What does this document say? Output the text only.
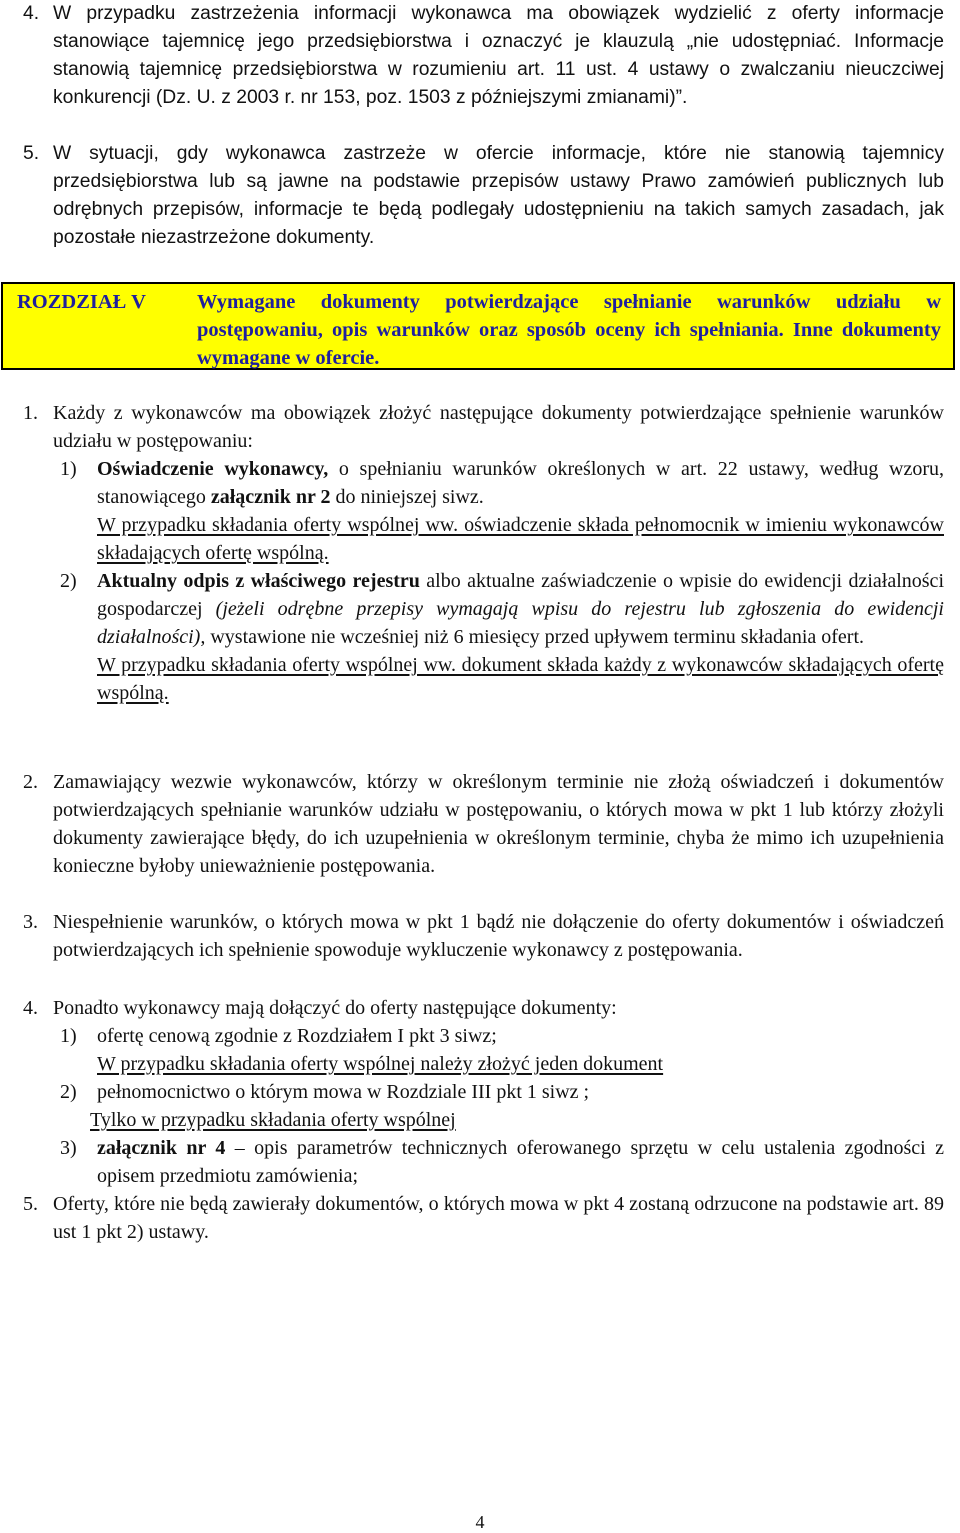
4. W przypadku zastrzeżenia informacji wykonawca ma obowiązek wydzielić z oferty informacje stanowiące tajemnicę jego przedsiębiorstwa i oznaczyć je klauzulą „nie udostępniać. Informacje stanowią tajemnicę przedsiębiorstwa w rozumieniu art. 11 ust. 4 ustawy o zwalczaniu nieuczciwej konkurencji (Dz. U. z 2003 r. nr 153, poz. 1503 z późniejszymi zmianami)”.
5. W sytuacji, gdy wykonawca zastrzeże w ofercie informacje, które nie stanowią tajemnicy przedsiębiorstwa lub są jawne na podstawie przepisów ustawy Prawo zamówień publicznych lub odrębnych przepisów, informacje te będą podlegały udostępnieniu na takich samych zasadach, jak pozostałe niezastrzeżone dokumenty.
ROZDZIAŁ V Wymagane dokumenty potwierdzające spełnianie warunków udziału w postępowaniu, opis warunków oraz sposób oceny ich spełniania. Inne dokumenty wymagane w ofercie.
1. Każdy z wykonawców ma obowiązek złożyć następujące dokumenty potwierdzające spełnienie warunków udziału w postępowaniu:
1) Oświadczenie wykonawcy, o spełnianiu warunków określonych w art. 22 ustawy, według wzoru, stanowiącego załącznik nr 2 do niniejszej siwz.
W przypadku składania oferty wspólnej ww. oświadczenie składa pełnomocnik w imieniu wykonawców składających ofertę wspólną.
2) Aktualny odpis z właściwego rejestru albo aktualne zaświadczenie o wpisie do ewidencji działalności gospodarczej (jeżeli odrębne przepisy wymagają wpisu do rejestru lub zgłoszenia do ewidencji działalności), wystawione nie wcześniej niż 6 miesięcy przed upływem terminu składania ofert.
W przypadku składania oferty wspólnej ww. dokument składa każdy z wykonawców składających ofertę wspólną.
2. Zamawiający wezwie wykonawców, którzy w określonym terminie nie złożą oświadczeń i dokumentów potwierdzających spełnianie warunków udziału w postępowaniu, o których mowa w pkt 1 lub którzy złożyli dokumenty zawierające błędy, do ich uzupełnienia w określonym terminie, chyba że mimo ich uzupełnienia konieczne byłoby unieważnienie postępowania.
3. Niespełnienie warunków, o których mowa w pkt 1 bądź nie dołączenie do oferty dokumentów i oświadczeń potwierdzających ich spełnienie spowoduje wykluczenie wykonawcy z postępowania.
4. Ponadto wykonawcy mają dołączyć do oferty następujące dokumenty:
1) ofertę cenową zgodnie z Rozdziałem I pkt 3 siwz;
W przypadku składania oferty wspólnej należy złożyć jeden dokument
2) pełnomocnictwo o którym mowa w Rozdziale III pkt 1 siwz ;
Tylko w przypadku składania oferty wspólnej
3) załącznik nr 4 – opis parametrów technicznych oferowanego sprzętu w celu ustalenia zgodności z opisem przedmiotu zamówienia;
5. Oferty, które nie będą zawierały dokumentów, o których mowa w pkt 4 zostaną odrzucone na podstawie art. 89 ust 1 pkt 2) ustawy.
4
